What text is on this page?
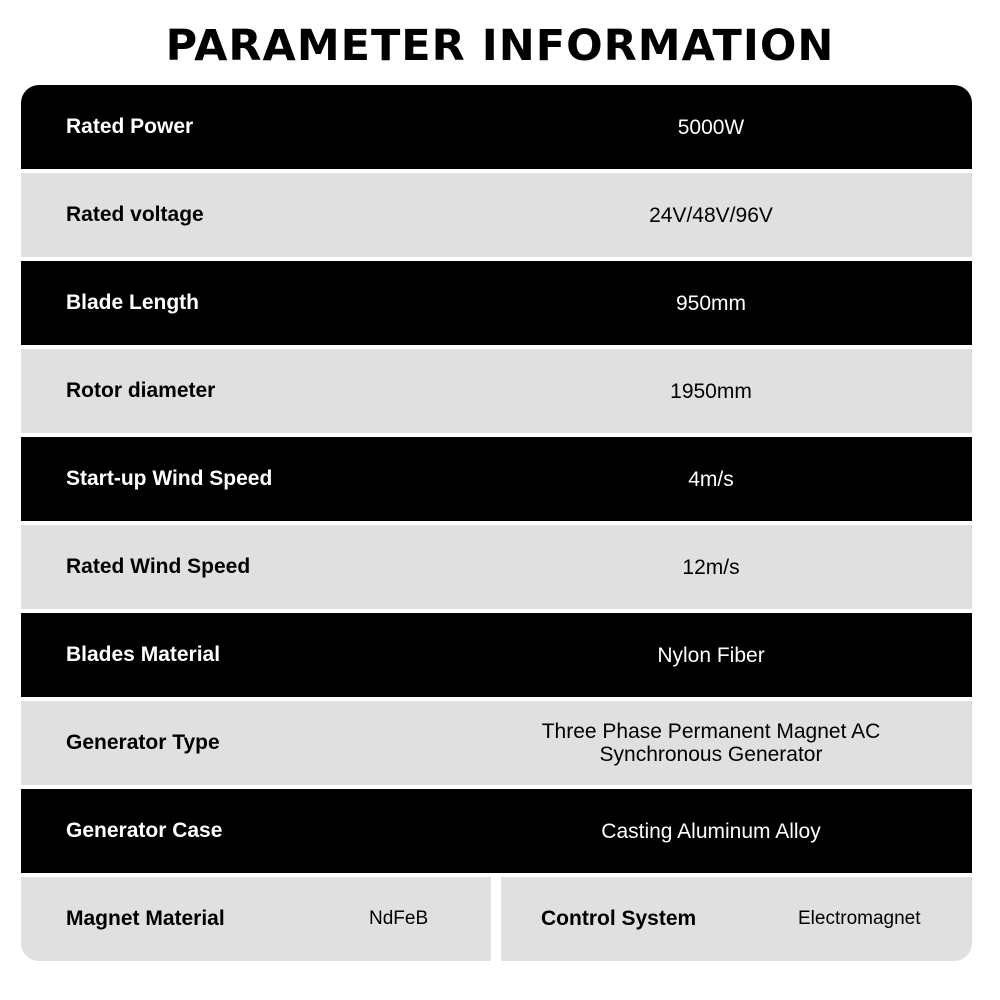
PARAMETER INFORMATION
Rated Power	5000W
Rated voltage	24V/48V/96V
Blade Length	950mm
Rotor diameter	1950mm
Start-up Wind Speed	4m/s
Rated Wind Speed	12m/s
Blades Material	Nylon Fiber
Generator Type	Three Phase Permanent Magnet AC
Synchronous Generator
Generator Case	Casting Aluminum Alloy
Magnet Material	NdFeB	Control System	Electromagnet
